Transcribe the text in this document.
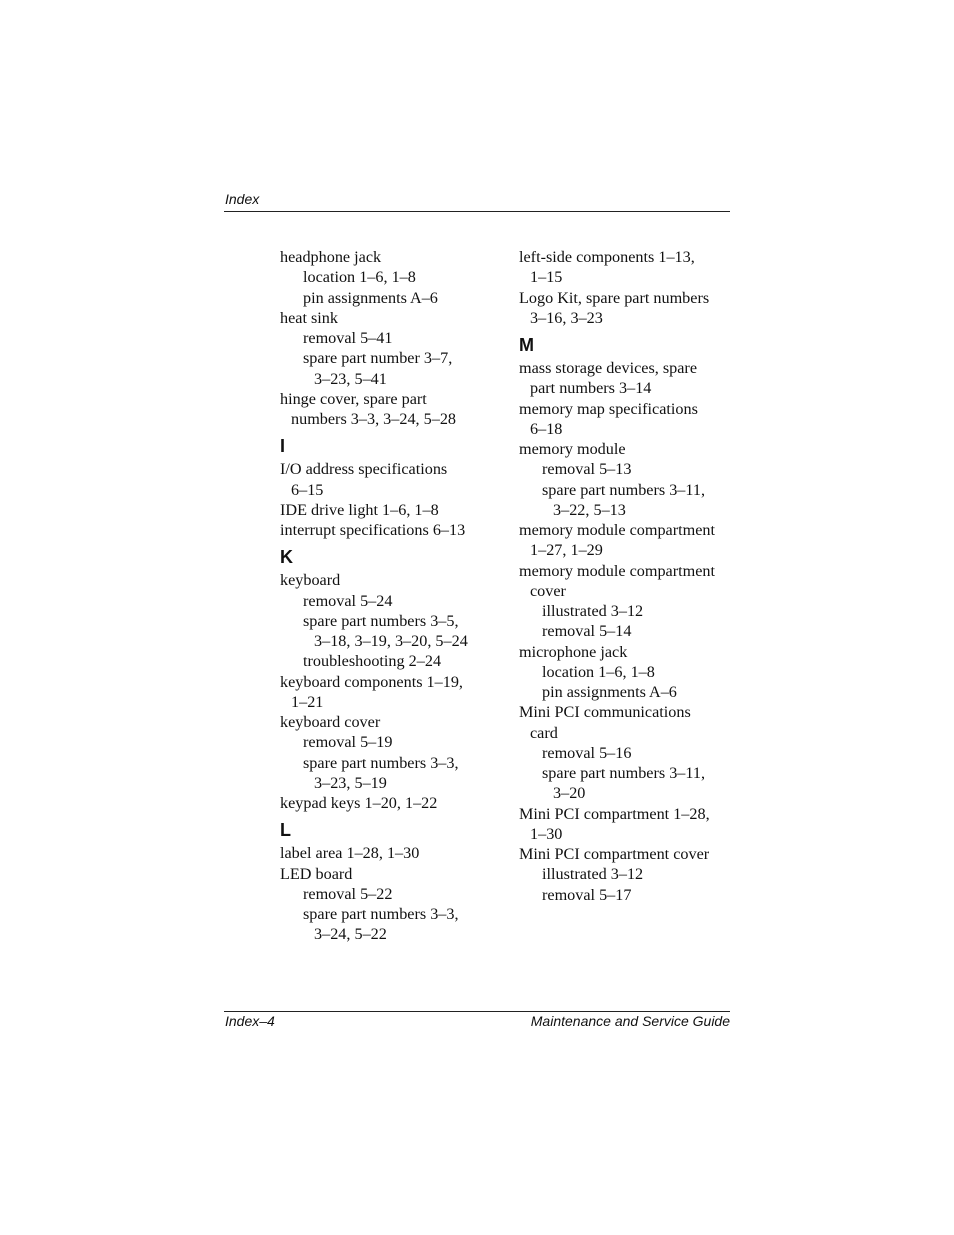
Index
headphone jack
location 1–6, 1–8
pin assignments A–6
heat sink
removal 5–41
spare part number 3–7,
3–23, 5–41
hinge cover, spare part
numbers 3–3, 3–24, 5–28
I
I/O address specifications
6–15
IDE drive light 1–6, 1–8
interrupt specifications 6–13
K
keyboard
removal 5–24
spare part numbers 3–5,
3–18, 3–19, 3–20, 5–24
troubleshooting 2–24
keyboard components 1–19,
1–21
keyboard cover
removal 5–19
spare part numbers 3–3,
3–23, 5–19
keypad keys 1–20, 1–22
L
label area 1–28, 1–30
LED board
removal 5–22
spare part numbers 3–3,
3–24, 5–22
left-side components 1–13,
1–15
Logo Kit, spare part numbers
3–16, 3–23
M
mass storage devices, spare
part numbers 3–14
memory map specifications
6–18
memory module
removal 5–13
spare part numbers 3–11,
3–22, 5–13
memory module compartment
1–27, 1–29
memory module compartment
cover
illustrated 3–12
removal 5–14
microphone jack
location 1–6, 1–8
pin assignments A–6
Mini PCI communications
card
removal 5–16
spare part numbers 3–11,
3–20
Mini PCI compartment 1–28,
1–30
Mini PCI compartment cover
illustrated 3–12
removal 5–17
Index–4	Maintenance and Service Guide
